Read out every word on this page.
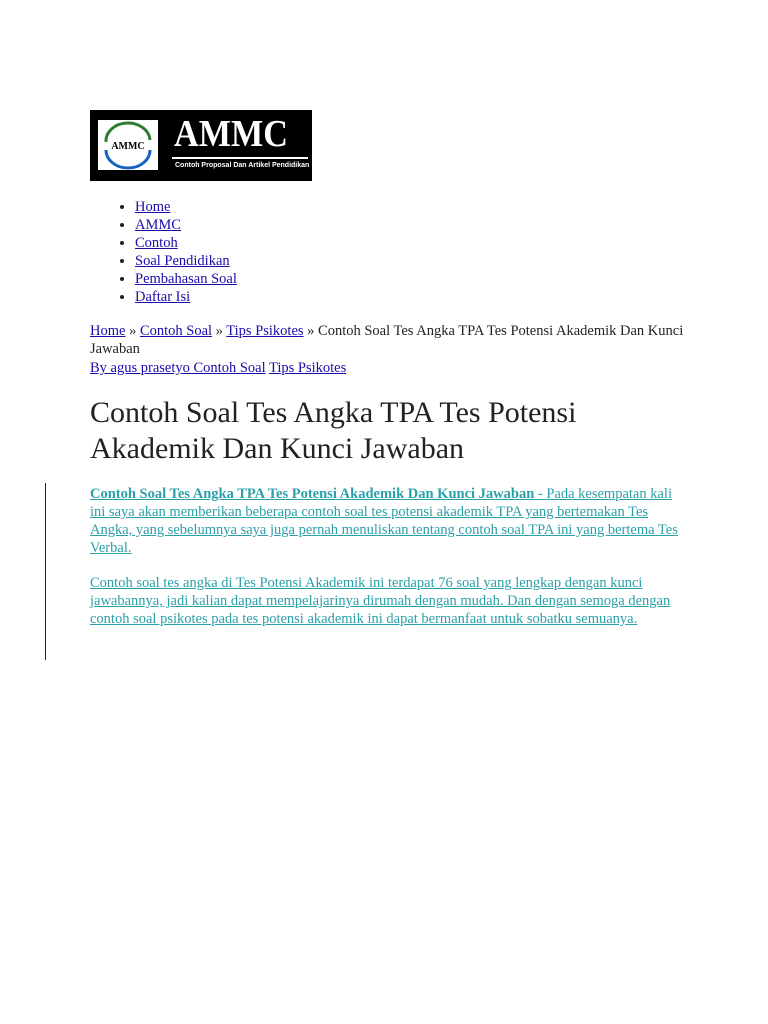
AMMC AMMC
Contoh Proposal Dan Artikel Pendidikan
• Home
• AMMC
• Contoh
• Soal Pendidikan
• Pembahasan Soal
• Daftar Isi
Home » Contoh Soal » Tips Psikotes » Contoh Soal Tes Angka TPA Tes Potensi Akademik Dan Kunci Jawaban
By agus prasetyo Contoh Soal Tips Psikotes
Contoh Soal Tes Angka TPA Tes Potensi Akademik Dan Kunci Jawaban

Contoh Soal Tes Angka TPA Tes Potensi Akademik Dan Kunci Jawaban - Pada kesempatan kali ini saya akan memberikan beberapa contoh soal tes potensi akademik TPA yang bertemakan Tes Angka, yang sebelumnya saya juga pernah menuliskan tentang contoh soal TPA ini yang bertema Tes Verbal.

Contoh soal tes angka di Tes Potensi Akademik ini terdapat 76 soal yang lengkap dengan kunci jawabannya, jadi kalian dapat mempelajarinya dirumah dengan mudah. Dan dengan semoga dengan contoh soal psikotes pada tes potensi akademik ini dapat bermanfaat untuk sobatku semuanya.
